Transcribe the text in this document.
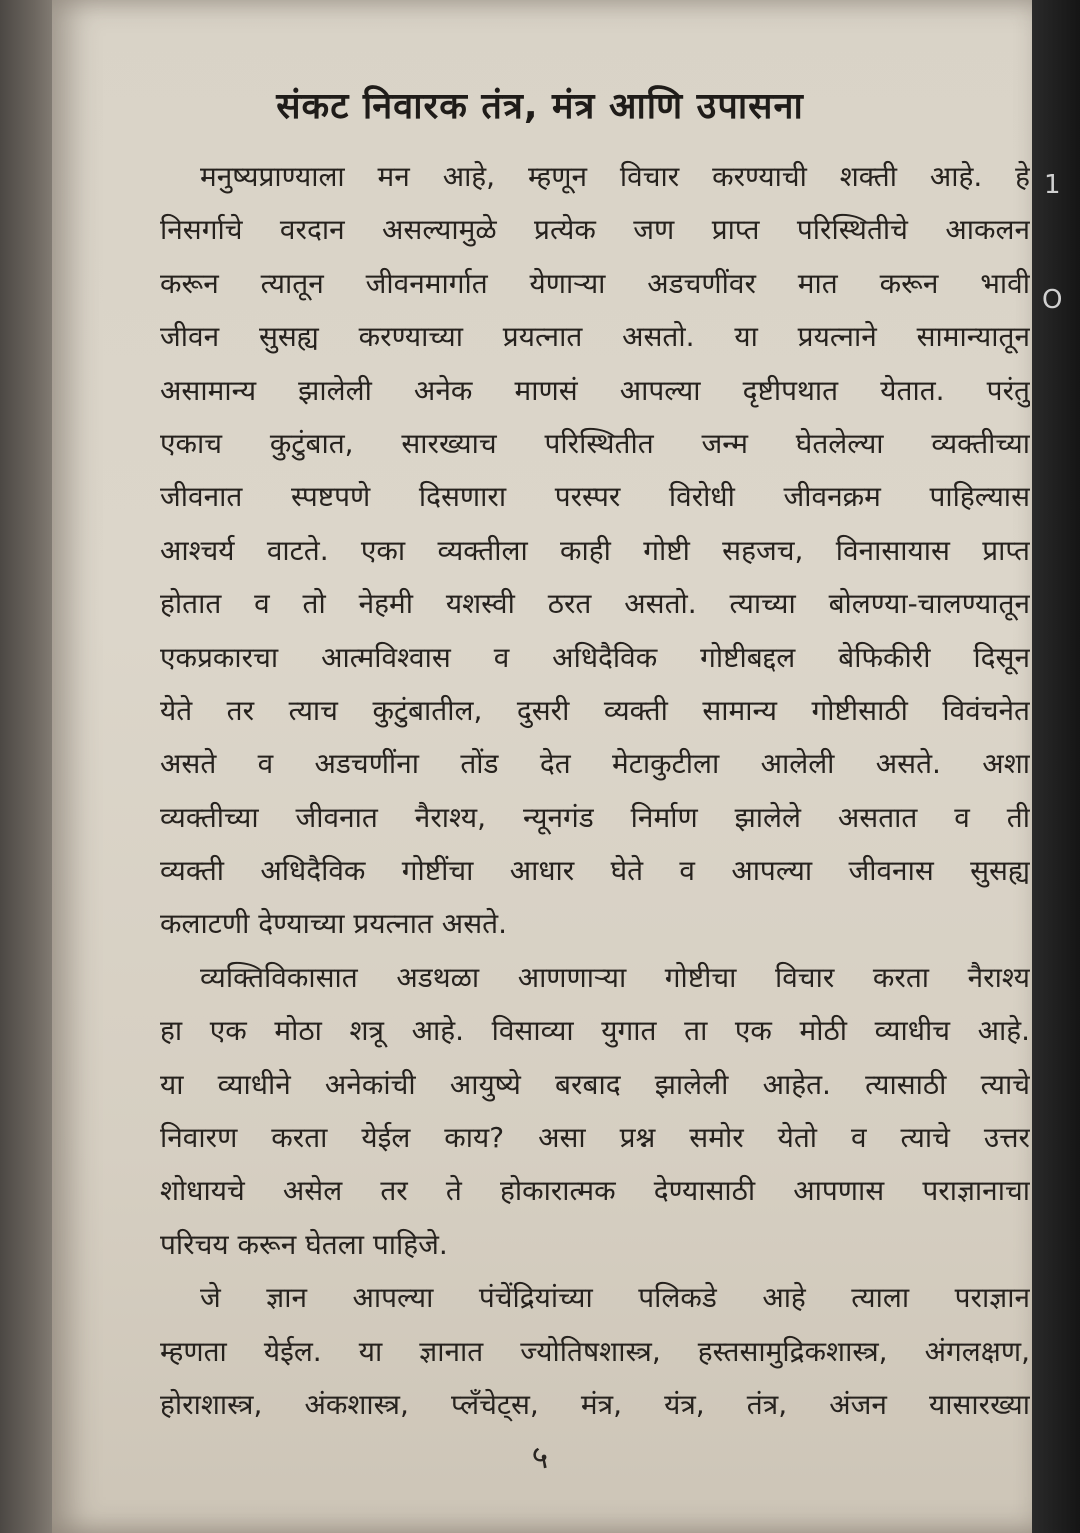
1
O
संकट निवारक तंत्र, मंत्र आणि उपासना
मनुष्यप्राण्याला मन आहे, म्हणून विचार करण्याची शक्ती आहे. हे
निसर्गाचे वरदान असल्यामुळे प्रत्येक जण प्राप्त परिस्थितीचे आकलन
करून त्यातून जीवनमार्गात येणाऱ्या अडचणींवर मात करून भावी
जीवन सुसह्य करण्याच्या प्रयत्नात असतो. या प्रयत्नाने सामान्यातून
असामान्य झालेली अनेक माणसं आपल्या दृष्टीपथात येतात. परंतु
एकाच कुटुंबात, सारख्याच परिस्थितीत जन्म घेतलेल्या व्यक्तीच्या
जीवनात स्पष्टपणे दिसणारा परस्पर विरोधी जीवनक्रम पाहिल्यास
आश्चर्य वाटते. एका व्यक्तीला काही गोष्टी सहजच, विनासायास प्राप्त
होतात व तो नेहमी यशस्वी ठरत असतो. त्याच्या बोलण्या-चालण्यातून
एकप्रकारचा आत्मविश्वास व अधिदैविक गोष्टीबद्दल बेफिकीरी दिसून
येते तर त्याच कुटुंबातील, दुसरी व्यक्ती सामान्य गोष्टीसाठी विवंचनेत
असते व अडचणींना तोंड देत मेटाकुटीला आलेली असते. अशा
व्यक्तीच्या जीवनात नैराश्य, न्यूनगंड निर्माण झालेले असतात व ती
व्यक्ती अधिदैविक गोष्टींचा आधार घेते व आपल्या जीवनास सुसह्य
कलाटणी देण्याच्या प्रयत्नात असते.
व्यक्तिविकासात अडथळा आणणाऱ्या गोष्टीचा विचार करता नैराश्य
हा एक मोठा शत्रू आहे. विसाव्या युगात ता एक मोठी व्याधीच आहे.
या व्याधीने अनेकांची आयुष्ये बरबाद झालेली आहेत. त्यासाठी त्याचे
निवारण करता येईल काय? असा प्रश्न समोर येतो व त्याचे उत्तर
शोधायचे असेल तर ते होकारात्मक देण्यासाठी आपणास पराज्ञानाचा
परिचय करून घेतला पाहिजे.
जे ज्ञान आपल्या पंचेंद्रियांच्या पलिकडे आहे त्याला पराज्ञान
म्हणता येईल. या ज्ञानात ज्योतिषशास्त्र, हस्तसामुद्रिकशास्त्र, अंगलक्षण,
होराशास्त्र, अंकशास्त्र, प्लँचेट्स, मंत्र, यंत्र, तंत्र, अंजन यासारख्या
५
